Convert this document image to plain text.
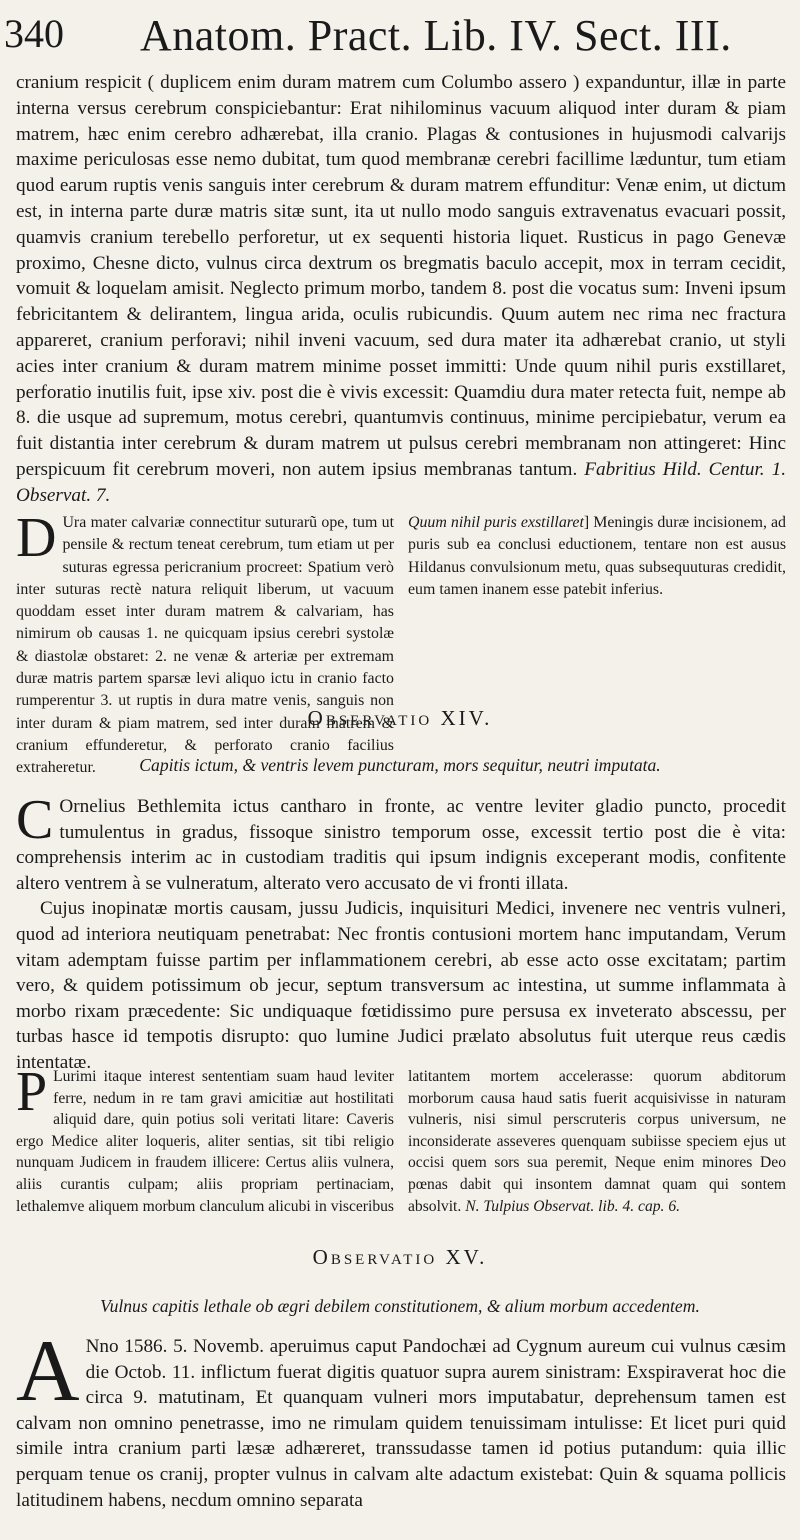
340 Anatom. Pract. Lib. IV. Sect. III.

cranium respicit ( duplicem enim duram matrem cum Columbo assero ) expanduntur, illæ in parte interna versus cerebrum conspiciebantur: Erat nihilominus vacuum aliquod inter duram & piam matrem, hæc enim cerebro adhærebat, illa cranio. Plagas & contusiones in hujusmodi calvarijs maxime periculosas esse nemo dubitat, tum quod membranæ cerebri facillime læduntur, tum etiam quod earum ruptis venis sanguis inter cerebrum & duram matrem effunditur: Venæ enim, ut dictum est, in interna parte duræ matris sitæ sunt, ita ut nullo modo sanguis extravenatus evacuari possit, quamvis cranium terebello perforetur, ut ex sequenti historia liquet. Rusticus in pago Genevæ proximo, Chesne dicto, vulnus circa dextrum os bregmatis baculo accepit, mox in terram cecidit, vomuit & loquelam amisit. Neglecto primum morbo, tandem 8. post die vocatus sum: Inveni ipsum febricitantem & delirantem, lingua arida, oculis rubicundis. Quum autem nec rima nec fractura appareret, cranium perforavi; nihil inveni vacuum, sed dura mater ita adhærebat cranio, ut styli acies inter cranium & duram matrem minime posset immitti: Unde quum nihil puris exstillaret, perforatio inutilis fuit, ipse xiv. post die è vivis excessit: Quamdiu dura mater retecta fuit, nempe ab 8. die usque ad supremum, motus cerebri, quantumvis continuus, minime percipiebatur, verum ea fuit distantia inter cerebrum & duram matrem ut pulsus cerebri membranam non attingeret: Hinc perspicuum fit cerebrum moveri, non autem ipsius membranas tantum. Fabritius Hild. Centur. 1. Observat. 7.

D Ura mater calvariæ connectitur suturarũ ope, tum ut pensile & rectum teneat cerebrum, tum etiam ut per suturas egressa pericranium procreet: Spatium verò inter suturas rectè natura reliquit liberum, ut vacuum quoddam esset inter duram matrem & calvariam, has nimirum ob causas 1. ne quicquam ipsius cerebri systolæ & diastolæ obstaret: 2. ne venæ & arteriæ per extremam duræ matris partem sparsæ levi aliquo ictu in cranio facto rumperentur 3. ut ruptis in dura matre venis, sanguis non inter duram & piam matrem, sed inter duram matrem & cranium effunderetur, & perforato cranio facilius extraheretur.

Quum nihil puris exstillaret] Meningis duræ incisionem, ad puris sub ea conclusi eductionem, tentare non est ausus Hildanus convulsionum metu, quas subsequuturas credidit, eum tamen inanem esse patebit inferius.

Observatio XIV.
Capitis ictum, & ventris levem puncturam, mors sequitur, neutri imputata.

C Ornelius Bethlemita ictus cantharo in fronte, ac ventre leviter gladio puncto, procedit tumulentus in gradus, fissoque sinistro temporum osse, excessit tertio post die è vita: comprehensis interim ac in custodiam traditis qui ipsum indignis exceperant modis, confitente altero ventrem à se vulneratum, alterato vero accusato de vi fronti illata.

Cujus inopinatæ mortis causam, jussu Judicis, inquisituri Medici, invenere nec ventris vulneri, quod ad interiora neutiquam penetrabat: Nec frontis contusioni mortem hanc imputandam, Verum vitam ademptam fuisse partim per inflammationem cerebri, ab esse acto osse excitatam; partim vero, & quidem potissimum ob jecur, septum transversum ac intestina, ut summe inflammata à morbo rixam præcedente: Sic undiquaque fœtidissimo pure persusa ex inveterato abscessu, per turbas hasce id tempotis disrupto: quo lumine Judici prælato absolutus fuit uterque reus cædis intentatæ.

P Lurimi itaque interest sententiam suam haud leviter ferre, nedum in re tam gravi amicitiæ aut hostilitati aliquid dare, quin potius soli veritati litare: Caveris ergo Medice aliter loqueris, aliter sentias, sit tibi religio nunquam Judicem in fraudem illicere: Certus aliis vulnera, aliis curantis culpam; aliis propriam pertinaciam, lethalemve aliquem morbum clanculum alicubi in visceribus latitantem mortem accelerasse: quorum abditorum morborum causa haud satis fuerit acquisivisse in naturam vulneris, nisi simul perscruteris corpus universum, ne inconsiderate asseveres quenquam subiisse speciem ejus ut occisi quem sors sua peremit, Neque enim minores Deo pœnas dabit qui insontem damnat quam qui sontem absolvit. N. Tulpius Observat. lib. 4. cap. 6.

Observatio XV.
Vulnus capitis lethale ob ægri debilem constitutionem, & alium morbum accedentem.

A Nno 1586. 5. Novemb. aperuimus caput Pandochæi ad Cygnum aureum cui vulnus cæsim die Octob. 11. inflictum fuerat digitis quatuor supra aurem sinistram: Exspiraverat hoc die circa 9. matutinam, Et quanquam vulneri mors imputabatur, deprehensum tamen est calvam non omnino penetrasse, imo ne rimulam quidem tenuissimam intulisse: Et licet puri quid simile intra cranium parti læsæ adhæreret, transsudasse tamen id potius putandum: quia illic perquam tenue os cranij, propter vulnus in calvam alte adactum existebat: Quin & squama pollicis latitudinem habens, necdum omnino separata
